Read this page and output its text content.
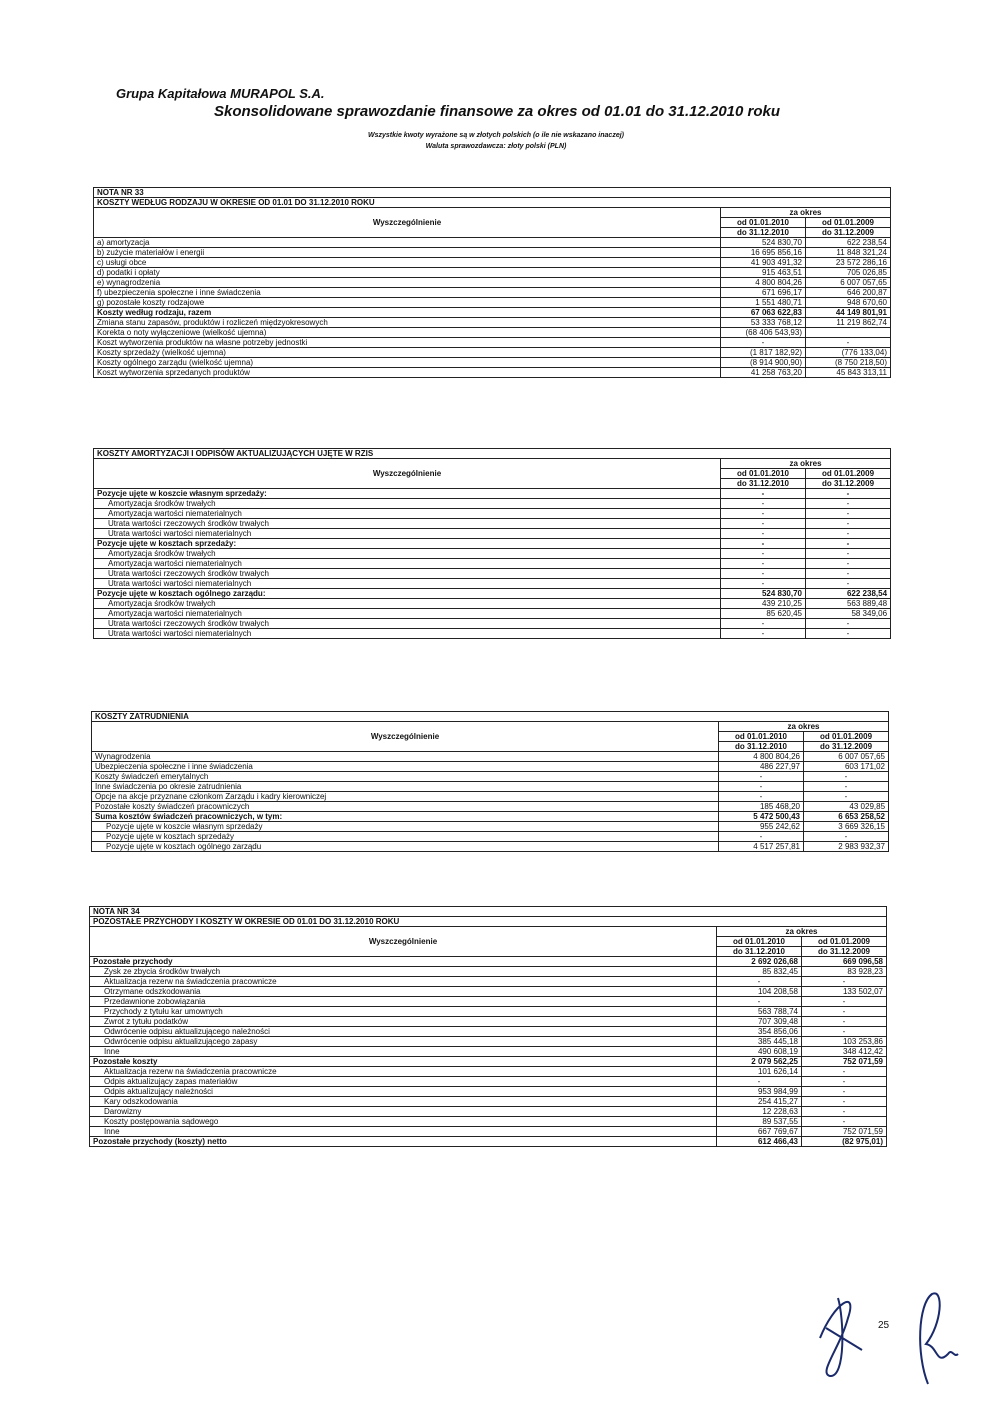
Grupa Kapitałowa MURAPOL S.A.
Skonsolidowane sprawozdanie finansowe za okres od 01.01 do 31.12.2010 roku
Wszystkie kwoty wyrażone są w złotych polskich (o ile nie wskazano inaczej)
Waluta sprawozdawcza: złoty polski (PLN)
NOTA NR 33		
KOSZTY WEDŁUG RODZAJU W OKRESIE OD 01.01 DO 31.12.2010 ROKU		
Wyszczególnienie	za okres	
	od 01.01.2010	od 01.01.2009
	do 31.12.2010	do 31.12.2009
a) amortyzacja	524 830,70	622 238,54
b) zużycie materiałów i energii	16 695 856,16	11 848 321,24
c) usługi obce	41 903 491,32	23 572 286,16
d) podatki i opłaty	915 463,51	705 026,85
e) wynagrodzenia	4 800 804,26	6 007 057,65
f) ubezpieczenia społeczne i inne świadczenia	671 696,17	646 200,87
g) pozostałe koszty rodzajowe	1 551 480,71	948 670,60
Koszty według rodzaju, razem	67 063 622,83	44 149 801,91
Zmiana stanu zapasów, produktów i rozliczeń międzyokresowych	53 333 768,12	11 219 862,74
Korekta o noty wyłączeniowe (wielkość ujemna)	(68 406 543,93)	
Koszt wytworzenia produktów na własne potrzeby jednostki	-	-
Koszty sprzedaży (wielkość ujemna)	(1 817 182,92)	(776 133,04)
Koszty ogólnego zarządu (wielkość ujemna)	(8 914 900,90)	(8 750 218,50)
Koszt wytworzenia sprzedanych produktów	41 258 763,20	45 843 313,11
KOSZTY AMORTYZACJI I ODPISÓW AKTUALIZUJĄCYCH UJĘTE W RZIS		
Wyszczególnienie	za okres	
	od 01.01.2010	od 01.01.2009
	do 31.12.2010	do 31.12.2009
Pozycje ujęte w koszcie własnym sprzedaży:	-	-
Amortyzacja środków trwałych	-	-
Amortyzacja wartości niematerialnych	-	-
Utrata wartości rzeczowych środków trwałych	-	-
Utrata wartości wartości niematerialnych	-	-
Pozycje ujęte w kosztach sprzedaży:	-	-
Amortyzacja środków trwałych	-	-
Amortyzacja wartości niematerialnych	-	-
Utrata wartości rzeczowych środków trwałych	-	-
Utrata wartości wartości niematerialnych	-	-
Pozycje ujęte w kosztach ogólnego zarządu:	524 830,70	622 238,54
Amortyzacja środków trwałych	439 210,25	563 889,48
Amortyzacja wartości niematerialnych	85 620,45	58 349,06
Utrata wartości rzeczowych środków trwałych	-	-
Utrata wartości wartości niematerialnych	-	-
KOSZTY ZATRUDNIENIA		
Wyszczególnienie	za okres	
	od 01.01.2010	od 01.01.2009
	do 31.12.2010	do 31.12.2009
Wynagrodzenia	4 800 804,26	6 007 057,65
Ubezpieczenia społeczne i inne świadczenia	486 227,97	603 171,02
Koszty świadczeń emerytalnych	-	-
Inne świadczenia po okresie zatrudnienia	-	-
Opcje na akcje przyznane członkom Zarządu i kadry kierowniczej	-	-
Pozostałe koszty świadczeń pracowniczych	185 468,20	43 029,85
Suma kosztów świadczeń pracowniczych, w tym:	5 472 500,43	6 653 258,52
Pozycje ujęte w koszcie własnym sprzedaży	955 242,62	3 669 326,15
Pozycje ujęte w kosztach sprzedaży	-	-
Pozycje ujęte w kosztach ogólnego zarządu	4 517 257,81	2 983 932,37
NOTA NR 34		
POZOSTAŁE PRZYCHODY I KOSZTY W OKRESIE OD 01.01 DO 31.12.2010 ROKU		
Wyszczególnienie	za okres	
	od 01.01.2010	od 01.01.2009
	do 31.12.2010	do 31.12.2009
Pozostałe przychody	2 692 026,68	669 096,58
Zysk ze zbycia środków trwałych	85 832,45	83 928,23
Aktualizacja rezerw na świadczenia pracownicze	-	-
Otrzymane odszkodowania	104 208,58	133 502,07
Przedawnione zobowiązania	-	-
Przychody z tytułu kar umownych	563 788,74	-
Zwrot z tytułu podatków	707 309,48	-
Odwrócenie odpisu aktualizującego należności	354 856,06	-
Odwrócenie odpisu aktualizującego zapasy	385 445,18	103 253,86
Inne	490 608,19	348 412,42
Pozostałe koszty	2 079 562,25	752 071,59
Aktualizacja rezerw na świadczenia pracownicze	101 626,14	-
Odpis aktualizujący zapas materiałów	-	-
Odpis aktualizujący należności	953 984,99	-
Kary odszkodowania	254 415,27	-
Darowizny	12 228,63	-
Koszty postępowania sądowego	89 537,55	-
Inne	667 769,67	752 071,59
Pozostałe przychody (koszty) netto	612 466,43	(82 975,01)
25
